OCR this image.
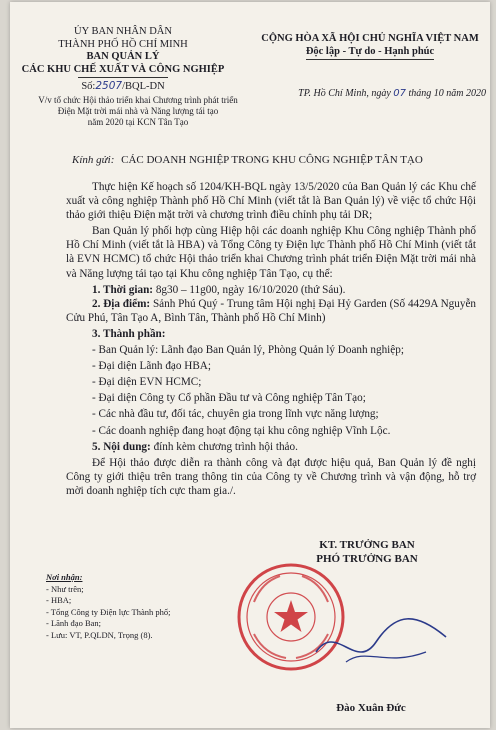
ỦY BAN NHÂN DÂN
THÀNH PHỐ HỒ CHÍ MINH
BAN QUẢN LÝ
CÁC KHU CHẾ XUẤT VÀ CÔNG NGHIỆP
Số:2507/BQL-DN
CỘNG HÒA XÃ HỘI CHỦ NGHĨA VIỆT NAM
Độc lập - Tự do - Hạnh phúc
TP. Hồ Chí Minh, ngày 07 tháng 10 năm 2020
V/v tổ chức Hội thảo triển khai Chương trình phát triển
Điện Mặt trời mái nhà và Năng lượng tái tạo
năm 2020 tại KCN Tân Tạo
Kính gửi: CÁC DOANH NGHIỆP TRONG KHU CÔNG NGHIỆP TÂN TẠO

Thực hiện Kế hoạch số 1204/KH-BQL ngày 13/5/2020 của Ban Quản lý các Khu chế xuất và công nghiệp Thành phố Hồ Chí Minh (viết tắt là Ban Quản lý) về việc tổ chức Hội thảo giới thiệu Điện mặt trời và chương trình điều chỉnh phụ tải DR;

Ban Quản lý phối hợp cùng Hiệp hội các doanh nghiệp Khu Công nghiệp Thành phố Hồ Chí Minh (viết tắt là HBA) và Tổng Công ty Điện lực Thành phố Hồ Chí Minh (viết tắt là EVN HCMC) tổ chức Hội thảo triển khai Chương trình phát triển Điện Mặt trời mái nhà và Năng lượng tái tạo tại Khu công nghiệp Tân Tạo, cụ thể:

1. Thời gian: 8g30 – 11g00, ngày 16/10/2020 (thứ Sáu).

2. Địa điểm: Sảnh Phú Quý - Trung tâm Hội nghị Đại Hỷ Garden (Số 4429A Nguyễn Cửu Phú, Tân Tạo A, Bình Tân, Thành phố Hồ Chí Minh)

3. Thành phần:

- Ban Quản lý: Lãnh đạo Ban Quản lý, Phòng Quản lý Doanh nghiệp;

- Đại diện Lãnh đạo HBA;

- Đại diện EVN HCMC;

- Đại diện Công ty Cổ phần Đầu tư và Công nghiệp Tân Tạo;

- Các nhà đầu tư, đối tác, chuyên gia trong lĩnh vực năng lượng;

- Các doanh nghiệp đang hoạt động tại khu công nghiệp Vĩnh Lộc.

5. Nội dung: đính kèm chương trình hội thảo.

Để Hội thảo được diễn ra thành công và đạt được hiệu quả, Ban Quản lý đề nghị Công ty giới thiệu trên trang thông tin của Công ty về Chương trình và vận động, hỗ trợ mời doanh nghiệp tích cực tham gia./.

Nơi nhận:
- Như trên;
- HBA;
- Tổng Công ty Điện lực Thành phố;
- Lãnh đạo Ban;
- Lưu: VT, P.QLDN, Trọng (8).
KT. TRƯỞNG BAN
PHÓ TRƯỞNG BAN
Đào Xuân Đức
